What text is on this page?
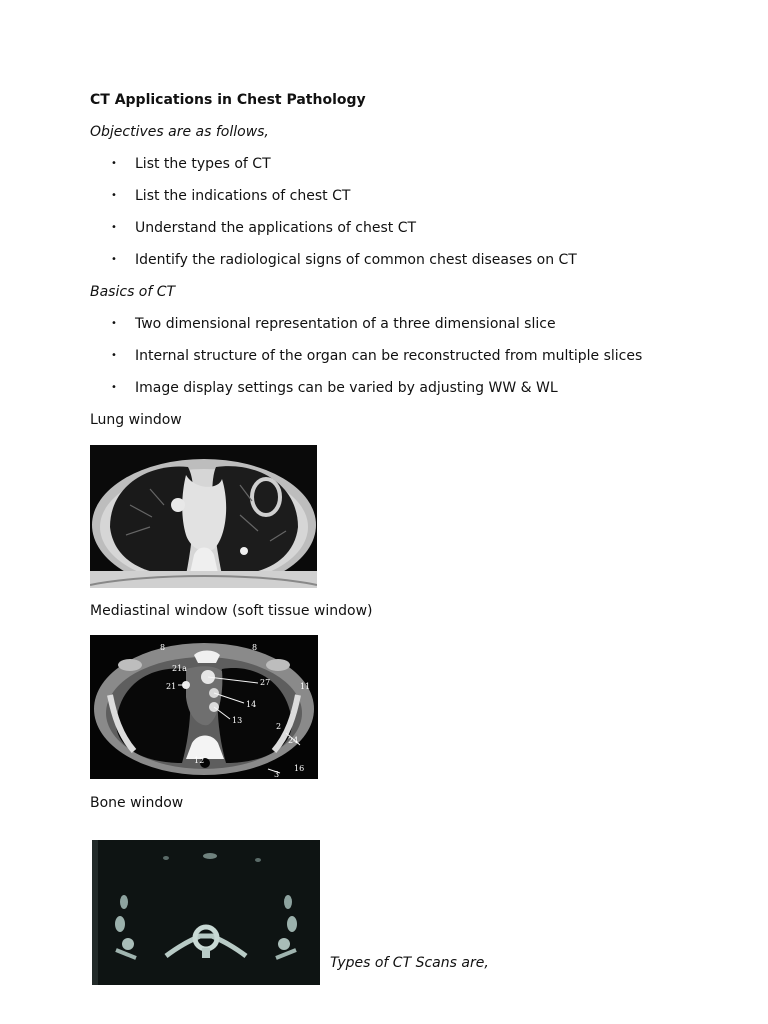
CT Applications in Chest Pathology
Objectives are as follows,
• List the types of CT
• List the indications of chest CT
• Understand the applications of chest CT
• Identify the radiological signs of common chest diseases on CT
Basics of CT
• Two dimensional representation of a three dimensional slice
• Internal structure of the organ can be reconstructed from multiple slices
• Image display settings can be varied by adjusting WW & WL
Lung window
Mediastinal window (soft tissue window)
8	8
21a
21	27
14
13
11
2
24
16
12
3
Bone window
Types of CT Scans are,
